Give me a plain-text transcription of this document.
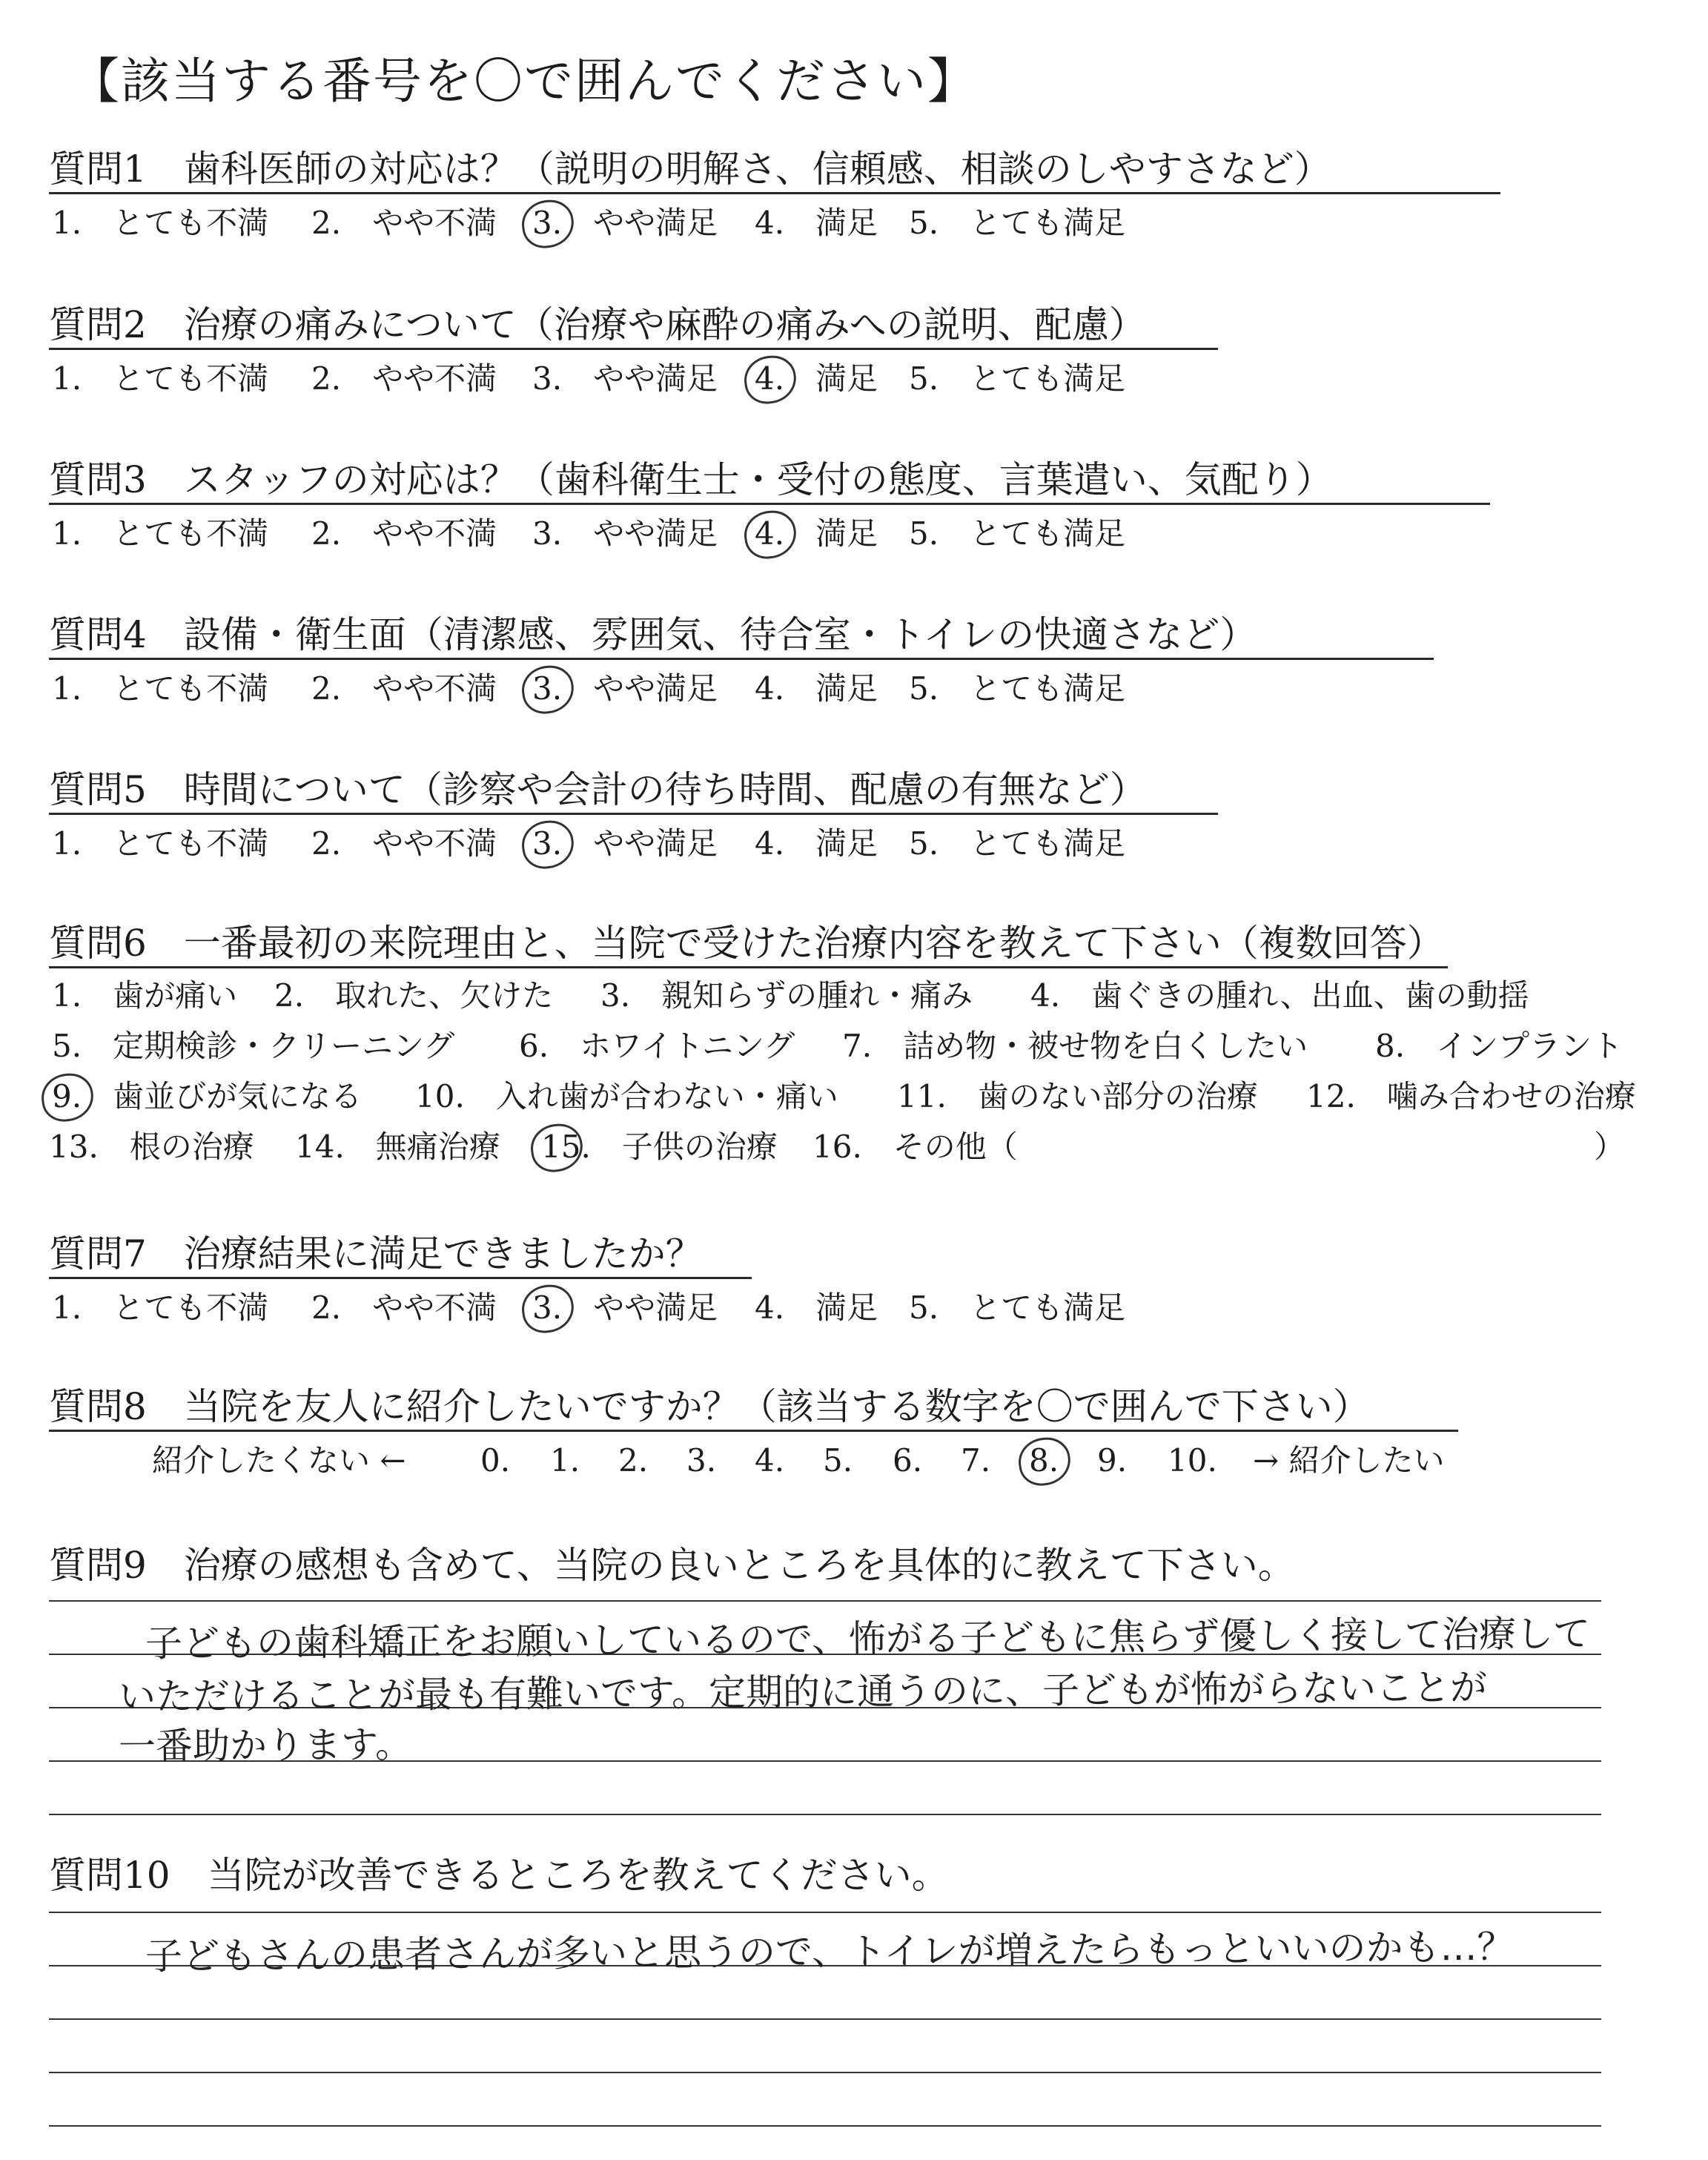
【該当する番号を〇で囲んでください】
質問1　歯科医師の対応は？（説明の明解さ、信頼感、相談のしやすさなど）
1.　とても不満 2.　やや不満 3.　やや満足 4.　満足 5.　とても満足
質問2　治療の痛みについて（治療や麻酔の痛みへの説明、配慮）
1.　とても不満 2.　やや不満 3.　やや満足 4.　満足 5.　とても満足
質問3　スタッフの対応は？（歯科衛生士・受付の態度、言葉遣い、気配り）
1.　とても不満 2.　やや不満 3.　やや満足 4.　満足 5.　とても満足
質問4　設備・衛生面（清潔感、雰囲気、待合室・トイレの快適さなど）
1.　とても不満 2.　やや不満 3.　やや満足 4.　満足 5.　とても満足
質問5　時間について（診察や会計の待ち時間、配慮の有無など）
1.　とても不満 2.　やや不満 3.　やや満足 4.　満足 5.　とても満足
質問6　一番最初の来院理由と、当院で受けた治療内容を教えて下さい（複数回答）
1.　歯が痛い 2.　取れた、欠けた 3.　親知らずの腫れ・痛み 4.　歯ぐきの腫れ、出血、歯の動揺
5.　定期検診・クリーニング 6.　ホワイトニング 7.　詰め物・被せ物を白くしたい 8.　インプラント
9.　歯並びが気になる 10.　入れ歯が合わない・痛い 11.　歯のない部分の治療 12.　噛み合わせの治療
13.　根の治療 14.　無痛治療 15.　子供の治療 16.　その他（	）
質問7　治療結果に満足できましたか？
1.　とても不満 2.　やや不満 3.　やや満足 4.　満足 5.　とても満足
質問8　当院を友人に紹介したいですか？（該当する数字を〇で囲んで下さい）
紹介したくない ← 0. 1. 2. 3. 4. 5. 6. 7. 8. 9. 10. → 紹介したい
質問9　治療の感想も含めて、当院の良いところを具体的に教えて下さい。
子どもの歯科矯正をお願いしているので、怖がる子どもに焦らず優しく接して治療して
いただけることが最も有難いです。定期的に通うのに、子どもが怖がらないことが
一番助かります。
質問10　当院が改善できるところを教えてください。
子どもさんの患者さんが多いと思うので、トイレが増えたらもっといいのかも…？
